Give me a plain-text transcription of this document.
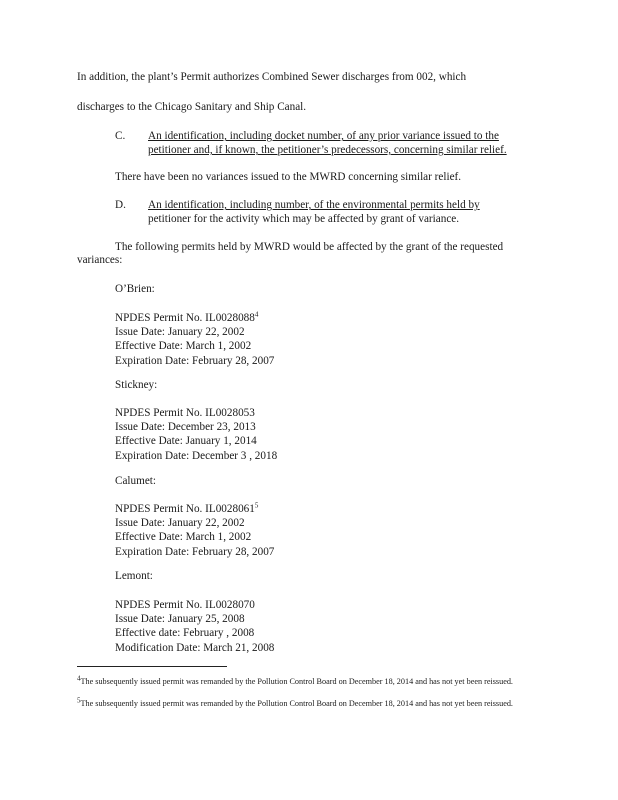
In addition, the plant’s Permit authorizes Combined Sewer discharges from 002, which

discharges to the Chicago Sanitary and Ship Canal.

C. An identification, including docket number, of any prior variance issued to the

petitioner and, if known, the petitioner’s predecessors, concerning similar relief.

There have been no variances issued to the MWRD concerning similar relief.

D. An identification, including number, of the environmental permits held by

petitioner for the activity which may be affected by grant of variance.

The following permits held by MWRD would be affected by the grant of the requested

variances:

O’Brien:

NPDES Permit No. IL0028088$^4$
Issue Date: January 22, 2002
Effective Date: March 1, 2002
Expiration Date: February 28, 2007

Stickney:

NPDES Permit No. IL0028053
Issue Date: December 23, 2013
Effective Date: January 1, 2014
Expiration Date: December 3 , 2018

Calumet:

NPDES Permit No. IL0028061$^5$
Issue Date: January 22, 2002
Effective Date: March 1, 2002
Expiration Date: February 28, 2007

Lemont:

NPDES Permit No. IL0028070
Issue Date: January 25, 2008
Effective date: February , 2008
Modification Date: March 21, 2008
$^4$The subsequently issued permit was remanded by the Pollution Control Board on December 18, 2014 and has not yet been reissued.
$^5$The subsequently issued permit was remanded by the Pollution Control Board on December 18, 2014 and has not yet been reissued.
